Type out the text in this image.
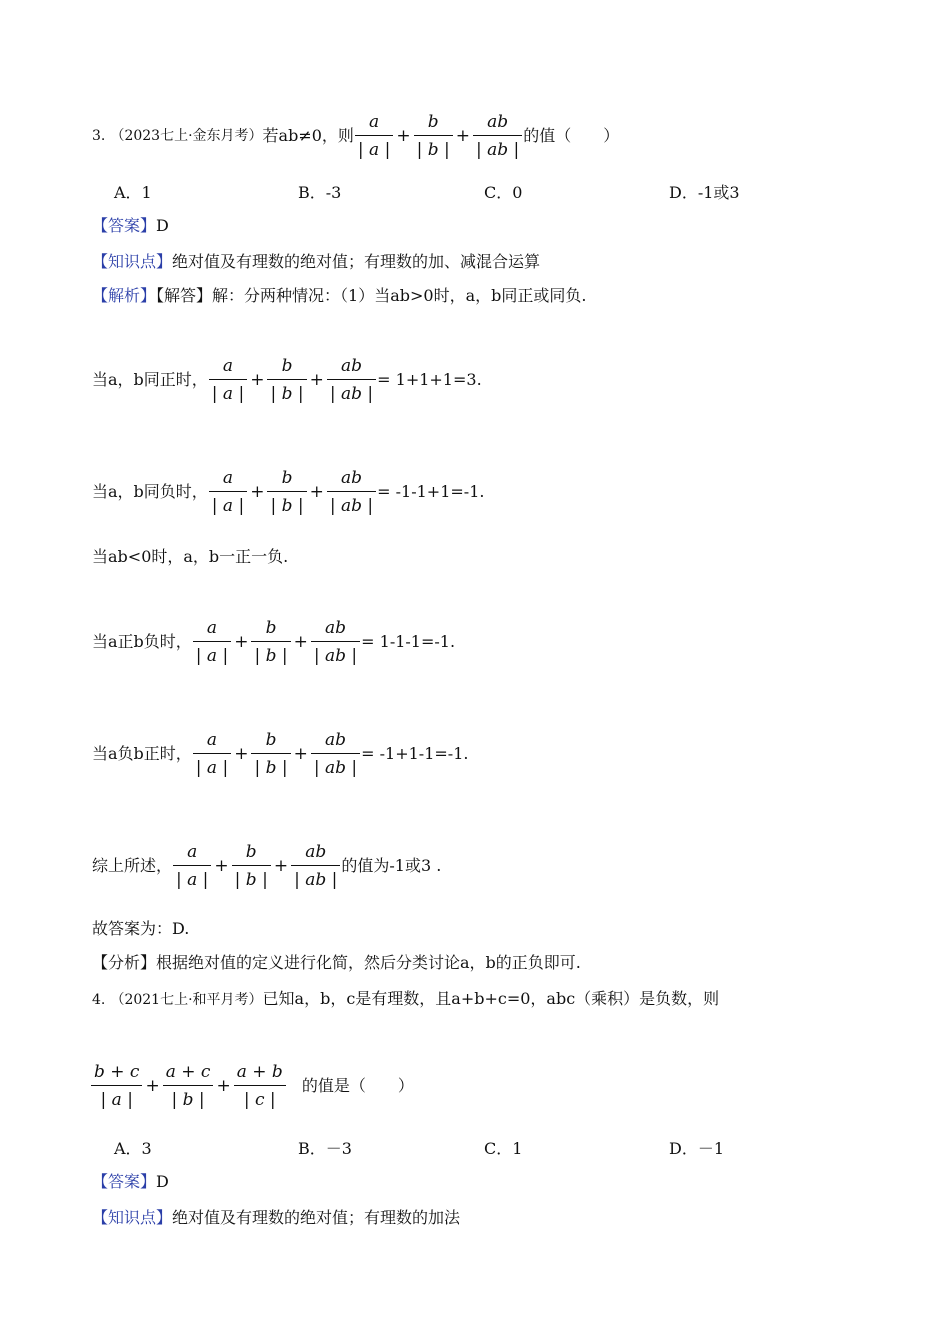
3. （2023七上·金东月考）若ab≠0，则 $\frac{a}{| a |} + \frac{b}{| b |} + \frac{ab}{| ab |}$ 的值（　　）
A．1	B．-3	C．0	D．-1或3
【答案】D
【知识点】绝对值及有理数的绝对值；有理数的加、减混合运算
【解析】【解答】解：分两种情况：（1）当ab>0时，a，b同正或同负.
当a，b同正时， $\frac{a}{| a |} + \frac{b}{| b |} + \frac{ab}{| ab |} = 1+1+1=3$.
当a，b同负时， $\frac{a}{| a |} + \frac{b}{| b |} + \frac{ab}{| ab |} = -1-1+1=-1$.
当ab<0时，a，b一正一负.
当a正b负时， $\frac{a}{| a |} + \frac{b}{| b |} + \frac{ab}{| ab |} = 1-1-1=-1$.
当a负b正时， $\frac{a}{| a |} + \frac{b}{| b |} + \frac{ab}{| ab |} = -1+1-1=-1$.
综上所述， $\frac{a}{| a |} + \frac{b}{| b |} + \frac{ab}{| ab |}$ 的值为-1或3 .
故答案为：D.
【分析】根据绝对值的定义进行化简，然后分类讨论a，b的正负即可.
4. （2021七上·和平月考）已知a，b，c是有理数，且a+b+c=0，abc（乘积）是负数，则
$\frac{b + c}{| a |} + \frac{a + c}{| b |} + \frac{a + b}{| c |}$ 的值是（　　）
A．3	B．－3	C．1	D．－1
【答案】D
【知识点】绝对值及有理数的绝对值；有理数的加法
